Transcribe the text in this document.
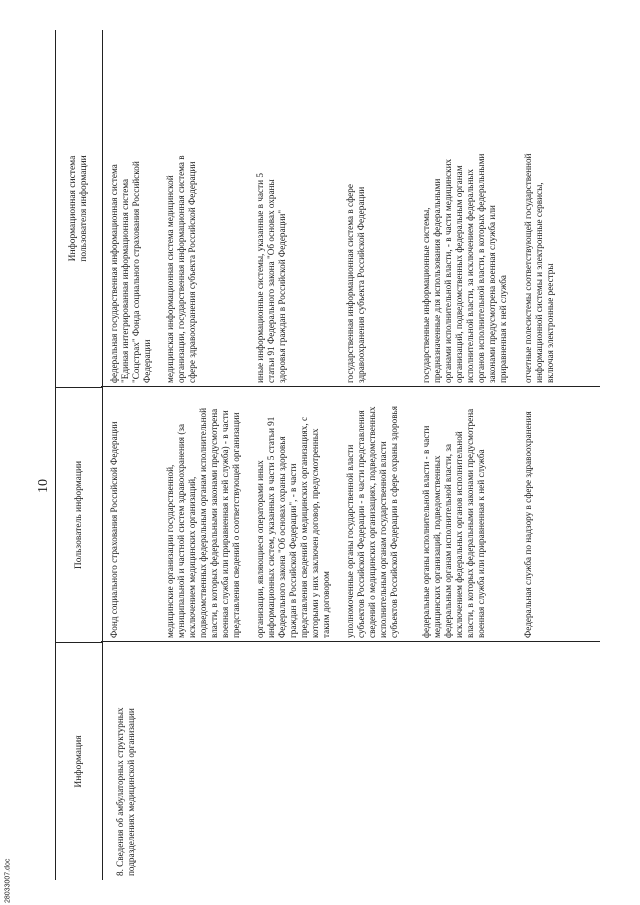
10
Информация
Пользователь информации
Информационная система
пользователя информации
8. Сведения об амбулаторных структурных
подразделениях медицинской организации
Фонд социального страхования Российской Федерации
федеральная государственная информационная система
"Единая интегрированная информационная система
"Соцстрах" Фонда социального страхования Российской
Федерации
медицинские организации государственной,
муниципальной и частной систем здравоохранения (за
исключением медицинских организаций,
подведомственных федеральным органам исполнительной
власти, в которых федеральными законами предусмотрена
военная служба или приравненная к ней служба) - в части
представления сведений о соответствующей организации
медицинская информационная система медицинской
организации, государственная информационная система в
сфере здравоохранения субъекта Российской Федерации
организации, являющиеся операторами иных
информационных систем, указанных в части 5 статьи 91
Федерального закона "Об основах охраны здоровья
граждан в Российской Федерации", - в части
представления сведений о медицинских организациях, с
которыми у них заключен договор, предусмотренных
таким договором
иные информационные системы, указанные в части 5
статьи 91 Федерального закона "Об основах охраны
здоровья граждан в Российской Федерации"
уполномоченные органы государственной власти
субъектов Российской Федерации - в части представления
сведений о медицинских организациях, подведомственных
исполнительным органам государственной власти
субъектов Российской Федерации в сфере охраны здоровья
государственная информационная система в сфере
здравоохранения субъекта Российской Федерации
федеральные органы исполнительной власти - в части
медицинских организаций, подведомственных
федеральным органам исполнительной власти, за
исключением федеральных органов исполнительной
власти, в которых федеральными законами предусмотрена
военная служба или приравненная к ней служба
государственные информационные системы,
предназначенные для использования федеральными
органами исполнительной власти, - в части медицинских
организаций, подведомственных федеральным органам
исполнительной власти, за исключением федеральных
органов исполнительной власти, в которых федеральными
законами предусмотрена военная служба или
приравненная к ней служба
Федеральная служба по надзору в сфере здравоохранения
отчетные полесистемы соответствующей государственной
информационной системы и электронные сервисы,
включая электронные реестры
28033007.doc
